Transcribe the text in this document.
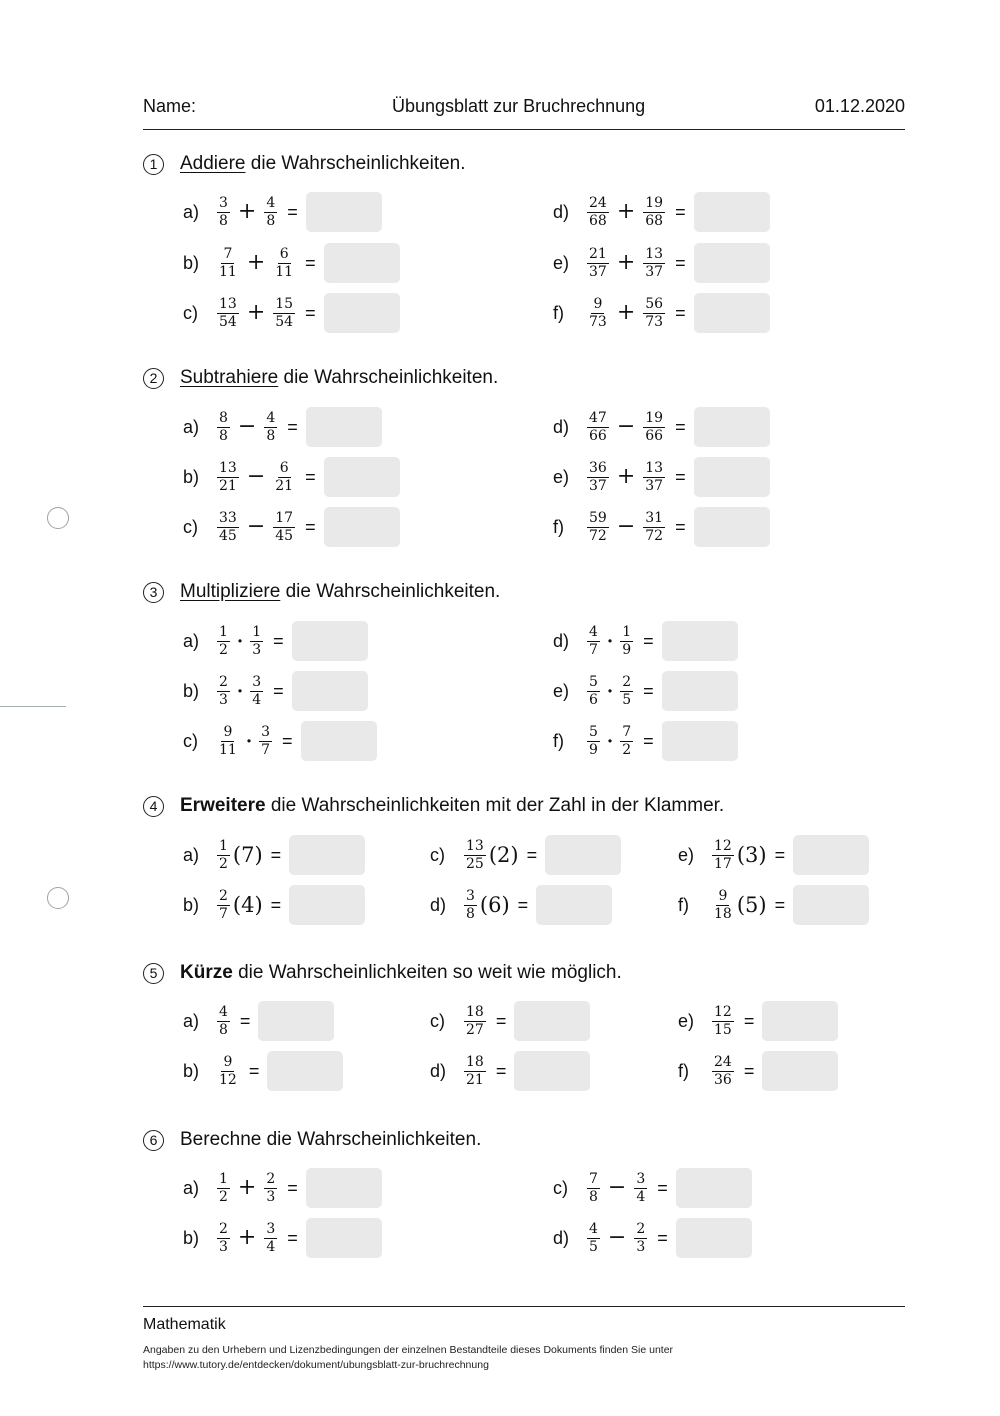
Name:	Übungsblatt zur Bruchrechnung	01.12.2020
1	Addiere die Wahrscheinlichkeiten.
a)	$\frac{3}{8} + \frac{4}{8}$ =
b)	$\frac{7}{11} + \frac{6}{11}$ =
c)	$\frac{13}{54} + \frac{15}{54}$ =
d)	$\frac{24}{68} + \frac{19}{68}$ =
e)	$\frac{21}{37} + \frac{13}{37}$ =
f)	$\frac{9}{73} + \frac{56}{73}$ =
2	Subtrahiere die Wahrscheinlichkeiten.
a)	$\frac{8}{8} - \frac{4}{8}$ =
b)	$\frac{13}{21} - \frac{6}{21}$ =
c)	$\frac{33}{45} - \frac{17}{45}$ =
d)	$\frac{47}{66} - \frac{19}{66}$ =
e)	$\frac{36}{37} + \frac{13}{37}$ =
f)	$\frac{59}{72} - \frac{31}{72}$ =
3	Multipliziere die Wahrscheinlichkeiten.
a)	$\frac{1}{2} \cdot \frac{1}{3}$ =
b)	$\frac{2}{3} \cdot \frac{3}{4}$ =
c)	$\frac{9}{11} \cdot \frac{3}{7}$ =
d)	$\frac{4}{7} \cdot \frac{1}{9}$ =
e)	$\frac{5}{6} \cdot \frac{2}{5}$ =
f)	$\frac{5}{9} \cdot \frac{7}{2}$ =
4	Erweitere die Wahrscheinlichkeiten mit der Zahl in der Klammer.
a)	$\frac{1}{2} (7)$ =
b)	$\frac{2}{7} (4)$ =
c)	$\frac{13}{25} (2)$ =
d)	$\frac{3}{8} (6)$ =
e)	$\frac{12}{17} (3)$ =
f)	$\frac{9}{18} (5)$ =
5	Kürze die Wahrscheinlichkeiten so weit wie möglich.
a)	$\frac{4}{8}$ =
b)	$\frac{9}{12}$ =
c)	$\frac{18}{27}$ =
d)	$\frac{18}{21}$ =
e)	$\frac{12}{15}$ =
f)	$\frac{24}{36}$ =
6	Berechne die Wahrscheinlichkeiten.
a)	$\frac{1}{2} + \frac{2}{3}$ =
b)	$\frac{2}{3} + \frac{3}{4}$ =
c)	$\frac{7}{8} - \frac{3}{4}$ =
d)	$\frac{4}{5} - \frac{2}{3}$ =
Mathematik
Angaben zu den Urhebern und Lizenzbedingungen der einzelnen Bestandteile dieses Dokuments finden Sie unter
https://www.tutory.de/entdecken/dokument/ubungsblatt-zur-bruchrechnung
